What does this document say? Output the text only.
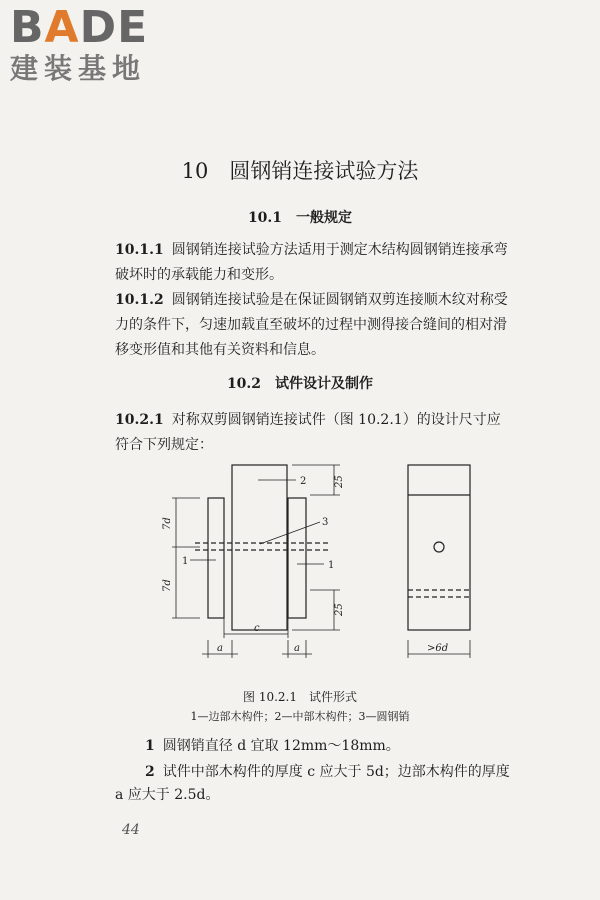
BADE
建装基地
10　圆钢销连接试验方法
10.1　一般规定
10.1.1 圆钢销连接试验方法适用于测定木结构圆钢销连接承弯
破坏时的承载能力和变形。
10.1.2 圆钢销连接试验是在保证圆钢销双剪连接顺木纹对称受
力的条件下，匀速加载直至破坏的过程中测得接合缝间的相对滑
移变形值和其他有关资料和信息。
10.2　试件设计及制作
10.2.1 对称双剪圆钢销连接试件（图 10.2.1）的设计尺寸应
符合下列规定：
7d
7d
25
25
c
a	a	>6d
2
3
1	1
图 10.2.1　试件形式
1—边部木构件；2—中部木构件；3—圆钢销
1 圆钢销直径 d 宜取 12mm～18mm。
2 试件中部木构件的厚度 c 应大于 5d；边部木构件的厚度
a 应大于 2.5d。
44
